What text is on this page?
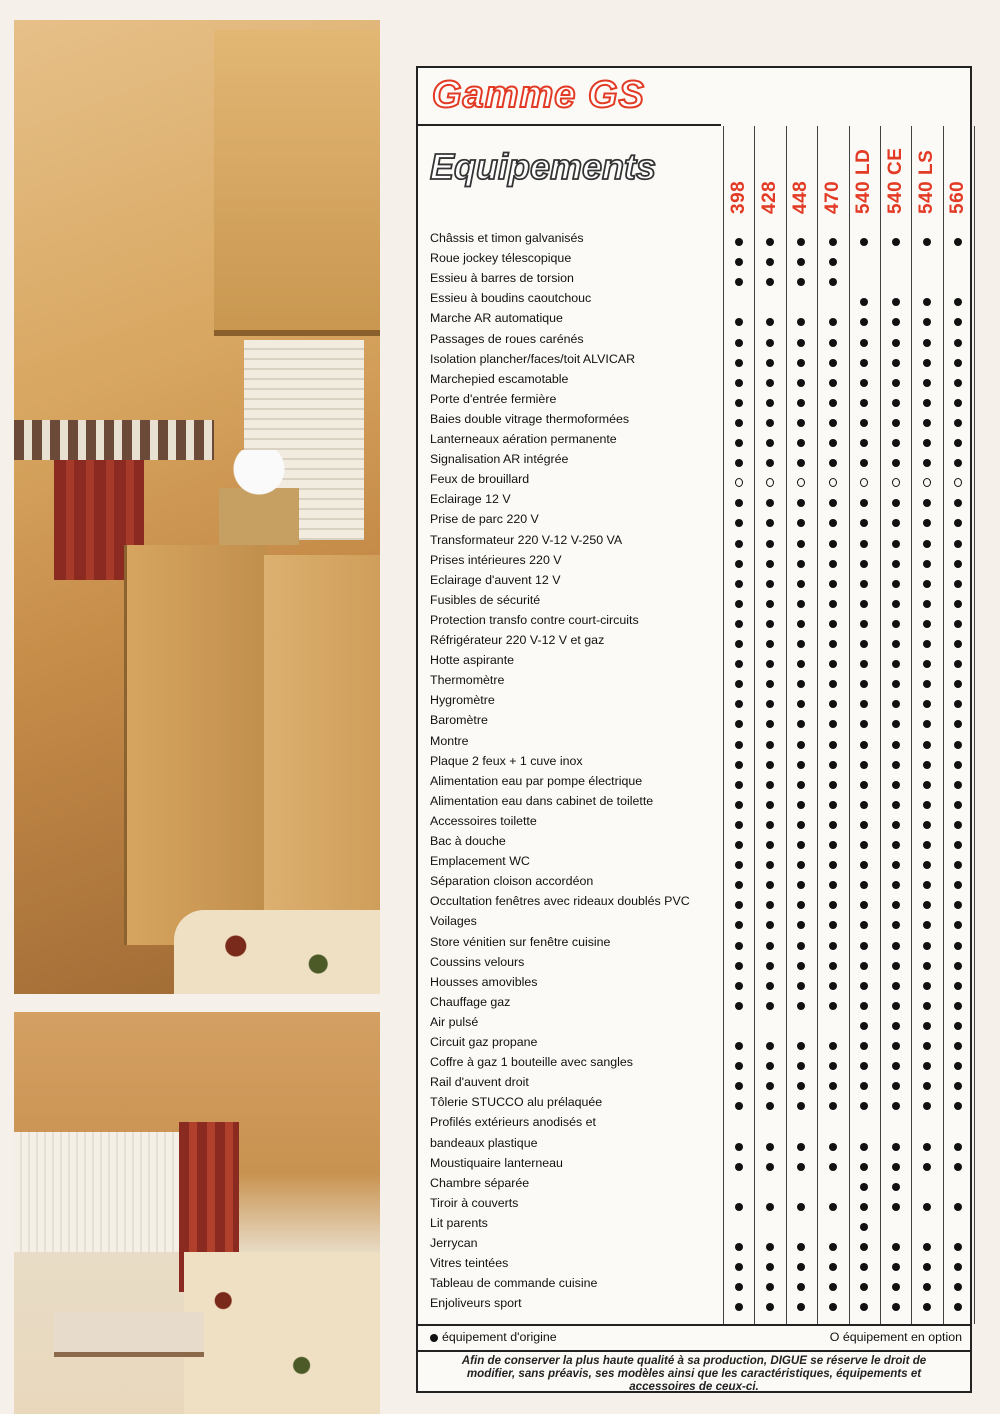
Gamme GS
Equipements
398 428 448 470 540 LD 540 CE 540 LS 560
Châssis et timon galvanisés
Roue jockey télescopique
Essieu à barres de torsion
Essieu à boudins caoutchouc
Marche AR automatique
Passages de roues carénés
Isolation plancher/faces/toit ALVICAR
Marchepied escamotable
Porte d'entrée fermière
Baies double vitrage thermoformées
Lanterneaux aération permanente
Signalisation AR intégrée
Feux de brouillard
Eclairage 12 V
Prise de parc 220 V
Transformateur 220 V-12 V-250 VA
Prises intérieures 220 V
Eclairage d'auvent 12 V
Fusibles de sécurité
Protection transfo contre court-circuits
Réfrigérateur 220 V-12 V et gaz
Hotte aspirante
Thermomètre
Hygromètre
Baromètre
Montre
Plaque 2 feux + 1 cuve inox
Alimentation eau par pompe électrique
Alimentation eau dans cabinet de toilette
Accessoires toilette
Bac à douche
Emplacement WC
Séparation cloison accordéon
Occultation fenêtres avec rideaux doublés PVC
Voilages
Store vénitien sur fenêtre cuisine
Coussins velours
Housses amovibles
Chauffage gaz
Air pulsé
Circuit gaz propane
Coffre à gaz 1 bouteille avec sangles
Rail d'auvent droit
Tôlerie STUCCO alu prélaquée
Profilés extérieurs anodisés et
bandeaux plastique
Moustiquaire lanterneau
Chambre séparée
Tiroir à couverts
Lit parents
Jerrycan
Vitres teintées
Tableau de commande cuisine
Enjoliveurs sport
équipement d'origine	O équipement en option
Afin de conserver la plus haute qualité à sa production, DIGUE se réserve le droit de modifier, sans préavis, ses modèles ainsi que les caractéristiques, équipements et accessoires de ceux-ci.
